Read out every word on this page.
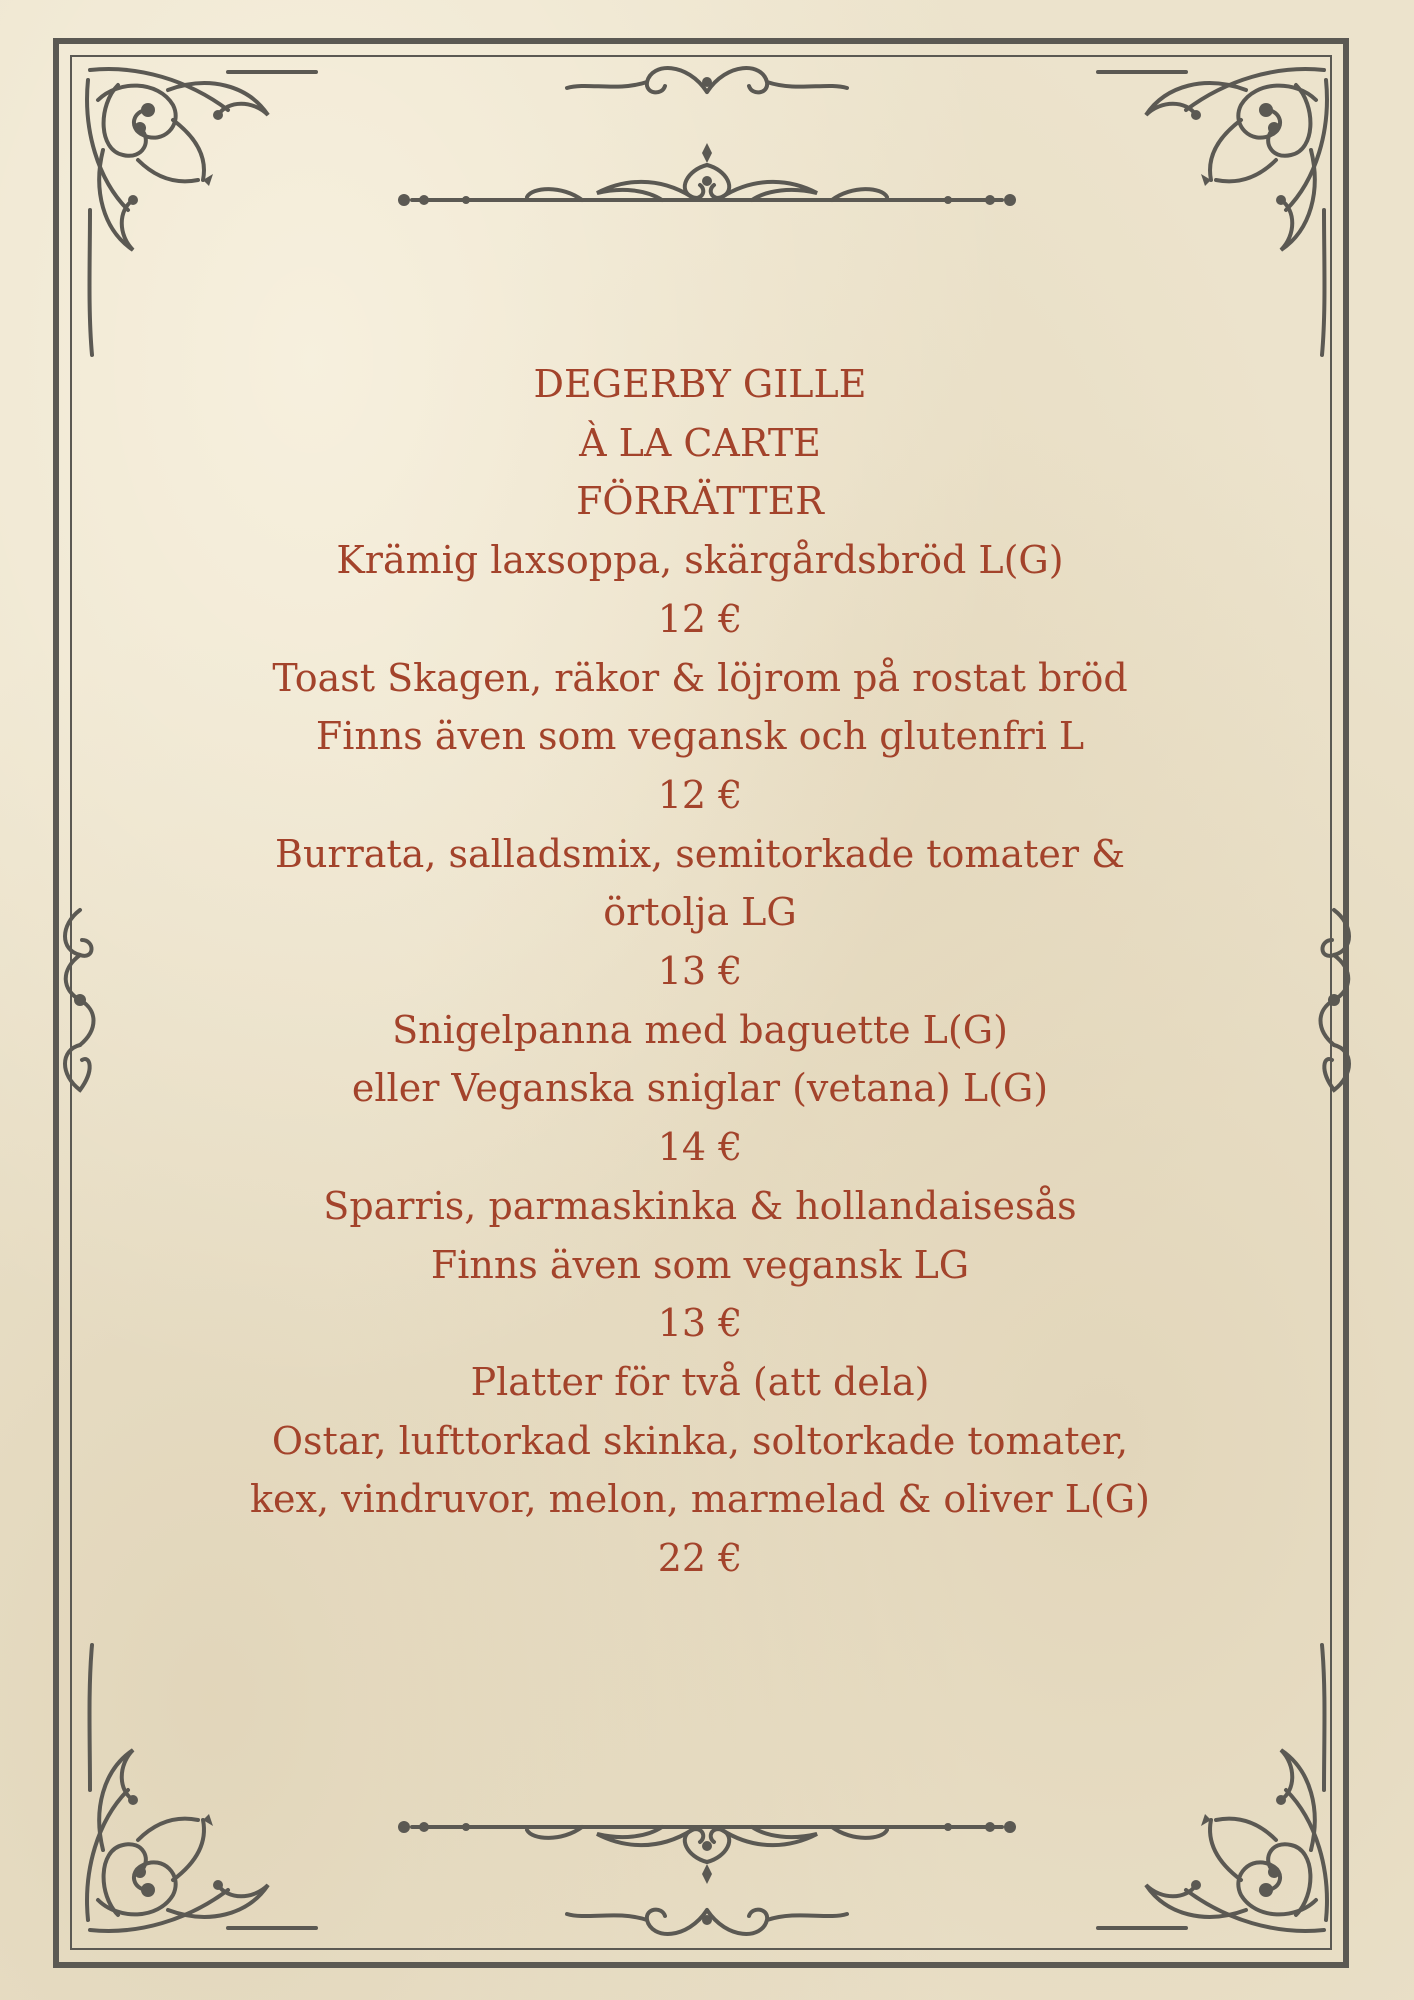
DEGERBY GILLE
À LA CARTE
FÖRRÄTTER
Krämig laxsoppa, skärgårdsbröd L(G)
12 €
Toast Skagen, räkor & löjrom på rostat bröd
Finns även som vegansk och glutenfri L
12 €
Burrata, salladsmix, semitorkade tomater &
örtolja LG
13 €
Snigelpanna med baguette L(G)
eller Veganska sniglar (vetana) L(G)
14 €
Sparris, parmaskinka & hollandaisesås
Finns även som vegansk LG
13 €
Platter för två (att dela)
Ostar, lufttorkad skinka, soltorkade tomater,
kex, vindruvor, melon, marmelad & oliver L(G)
22 €
